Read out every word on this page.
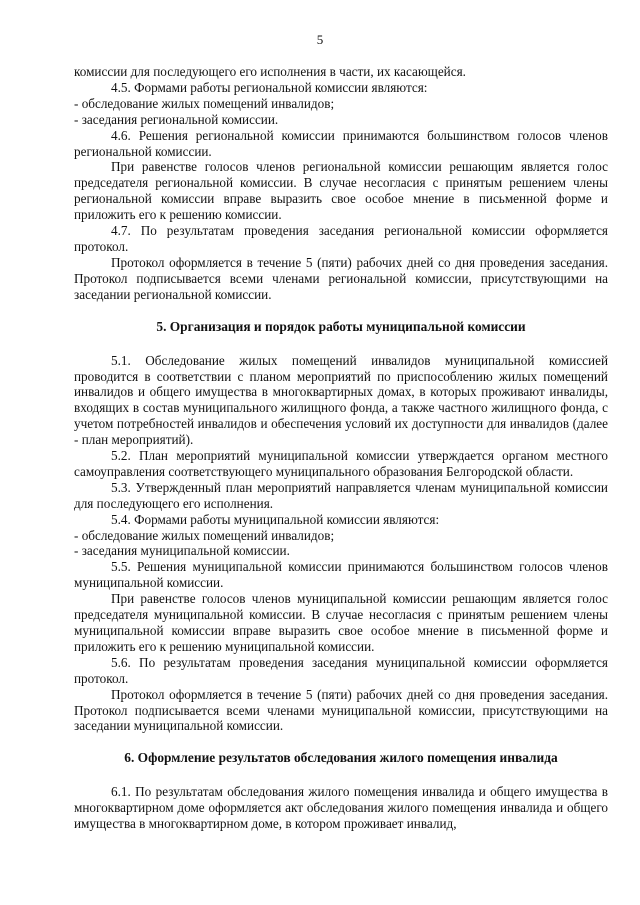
5

комиссии для последующего его исполнения в части, их касающейся.

4.5. Формами работы региональной комиссии являются:

- обследование жилых помещений инвалидов;

- заседания региональной комиссии.

4.6. Решения региональной комиссии принимаются большинством голосов членов региональной комиссии.

При равенстве голосов членов региональной комиссии решающим является голос председателя региональной комиссии. В случае несогласия с принятым решением члены региональной комиссии вправе выразить свое особое мнение в письменной форме и приложить его к решению комиссии.

4.7. По результатам проведения заседания региональной комиссии оформляется протокол.

Протокол оформляется в течение 5 (пяти) рабочих дней со дня проведения заседания. Протокол подписывается всеми членами региональной комиссии, присутствующими на заседании региональной комиссии.

5. Организация и порядок работы муниципальной комиссии

5.1. Обследование жилых помещений инвалидов муниципальной комиссией проводится в соответствии с планом мероприятий по приспособлению жилых помещений инвалидов и общего имущества в многоквартирных домах, в которых проживают инвалиды, входящих в состав муниципального жилищного фонда, а также частного жилищного фонда, с учетом потребностей инвалидов и обеспечения условий их доступности для инвалидов (далее - план мероприятий).

5.2. План мероприятий муниципальной комиссии утверждается органом местного самоуправления соответствующего муниципального образования Белгородской области.

5.3. Утвержденный план мероприятий направляется членам муниципальной комиссии для последующего его исполнения.

5.4. Формами работы муниципальной комиссии являются:

- обследование жилых помещений инвалидов;

- заседания муниципальной комиссии.

5.5. Решения муниципальной комиссии принимаются большинством голосов членов муниципальной комиссии.

При равенстве голосов членов муниципальной комиссии решающим является голос председателя муниципальной комиссии. В случае несогласия с принятым решением члены муниципальной комиссии вправе выразить свое особое мнение в письменной форме и приложить его к решению муниципальной комиссии.

5.6. По результатам проведения заседания муниципальной комиссии оформляется протокол.

Протокол оформляется в течение 5 (пяти) рабочих дней со дня проведения заседания. Протокол подписывается всеми членами муниципальной комиссии, присутствующими на заседании муниципальной комиссии.

6. Оформление результатов обследования жилого помещения инвалида

6.1. По результатам обследования жилого помещения инвалида и общего имущества в многоквартирном доме оформляется акт обследования жилого помещения инвалида и общего имущества в многоквартирном доме, в котором проживает инвалид,
